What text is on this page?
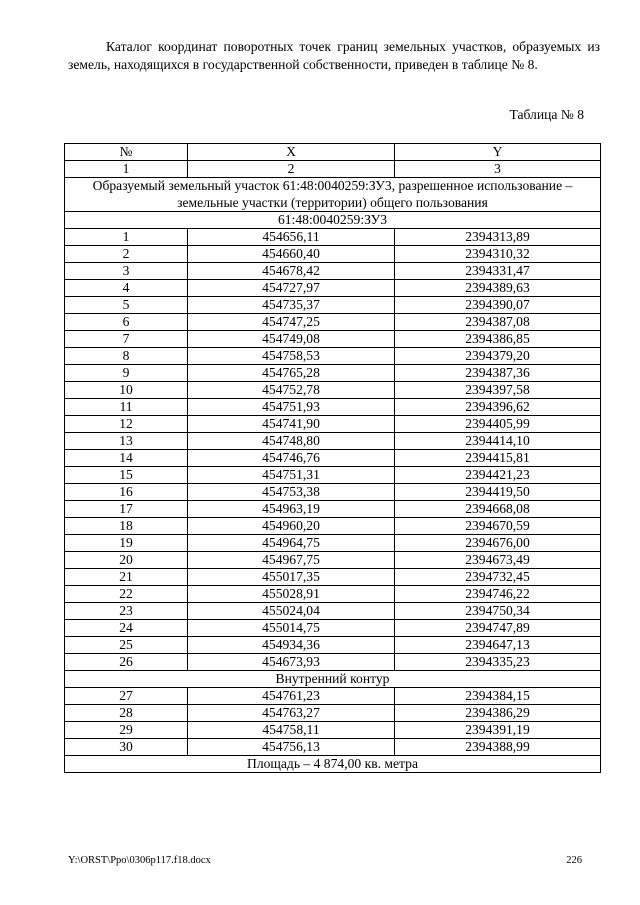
Каталог координат поворотных точек границ земельных участков, образуемых из земель, находящихся в государственной собственности, приведен в таблице № 8.

Таблица № 8

№	X	Y
1	2	3
Образуемый земельный участок 61:48:0040259:ЗУ3, разрешенное использование – земельные участки (территории) общего пользования		
61:48:0040259:ЗУ3		
1	454656,11	2394313,89
2	454660,40	2394310,32
3	454678,42	2394331,47
4	454727,97	2394389,63
5	454735,37	2394390,07
6	454747,25	2394387,08
7	454749,08	2394386,85
8	454758,53	2394379,20
9	454765,28	2394387,36
10	454752,78	2394397,58
11	454751,93	2394396,62
12	454741,90	2394405,99
13	454748,80	2394414,10
14	454746,76	2394415,81
15	454751,31	2394421,23
16	454753,38	2394419,50
17	454963,19	2394668,08
18	454960,20	2394670,59
19	454964,75	2394676,00
20	454967,75	2394673,49
21	455017,35	2394732,45
22	455028,91	2394746,22
23	455024,04	2394750,34
24	455014,75	2394747,89
25	454934,36	2394647,13
26	454673,93	2394335,23
Внутренний контур		
27	454761,23	2394384,15
28	454763,27	2394386,29
29	454758,11	2394391,19
30	454756,13	2394388,99
Площадь – 4 874,00 кв. метра		
Y:\ORST\Ppo\0306p117.f18.docx	226
